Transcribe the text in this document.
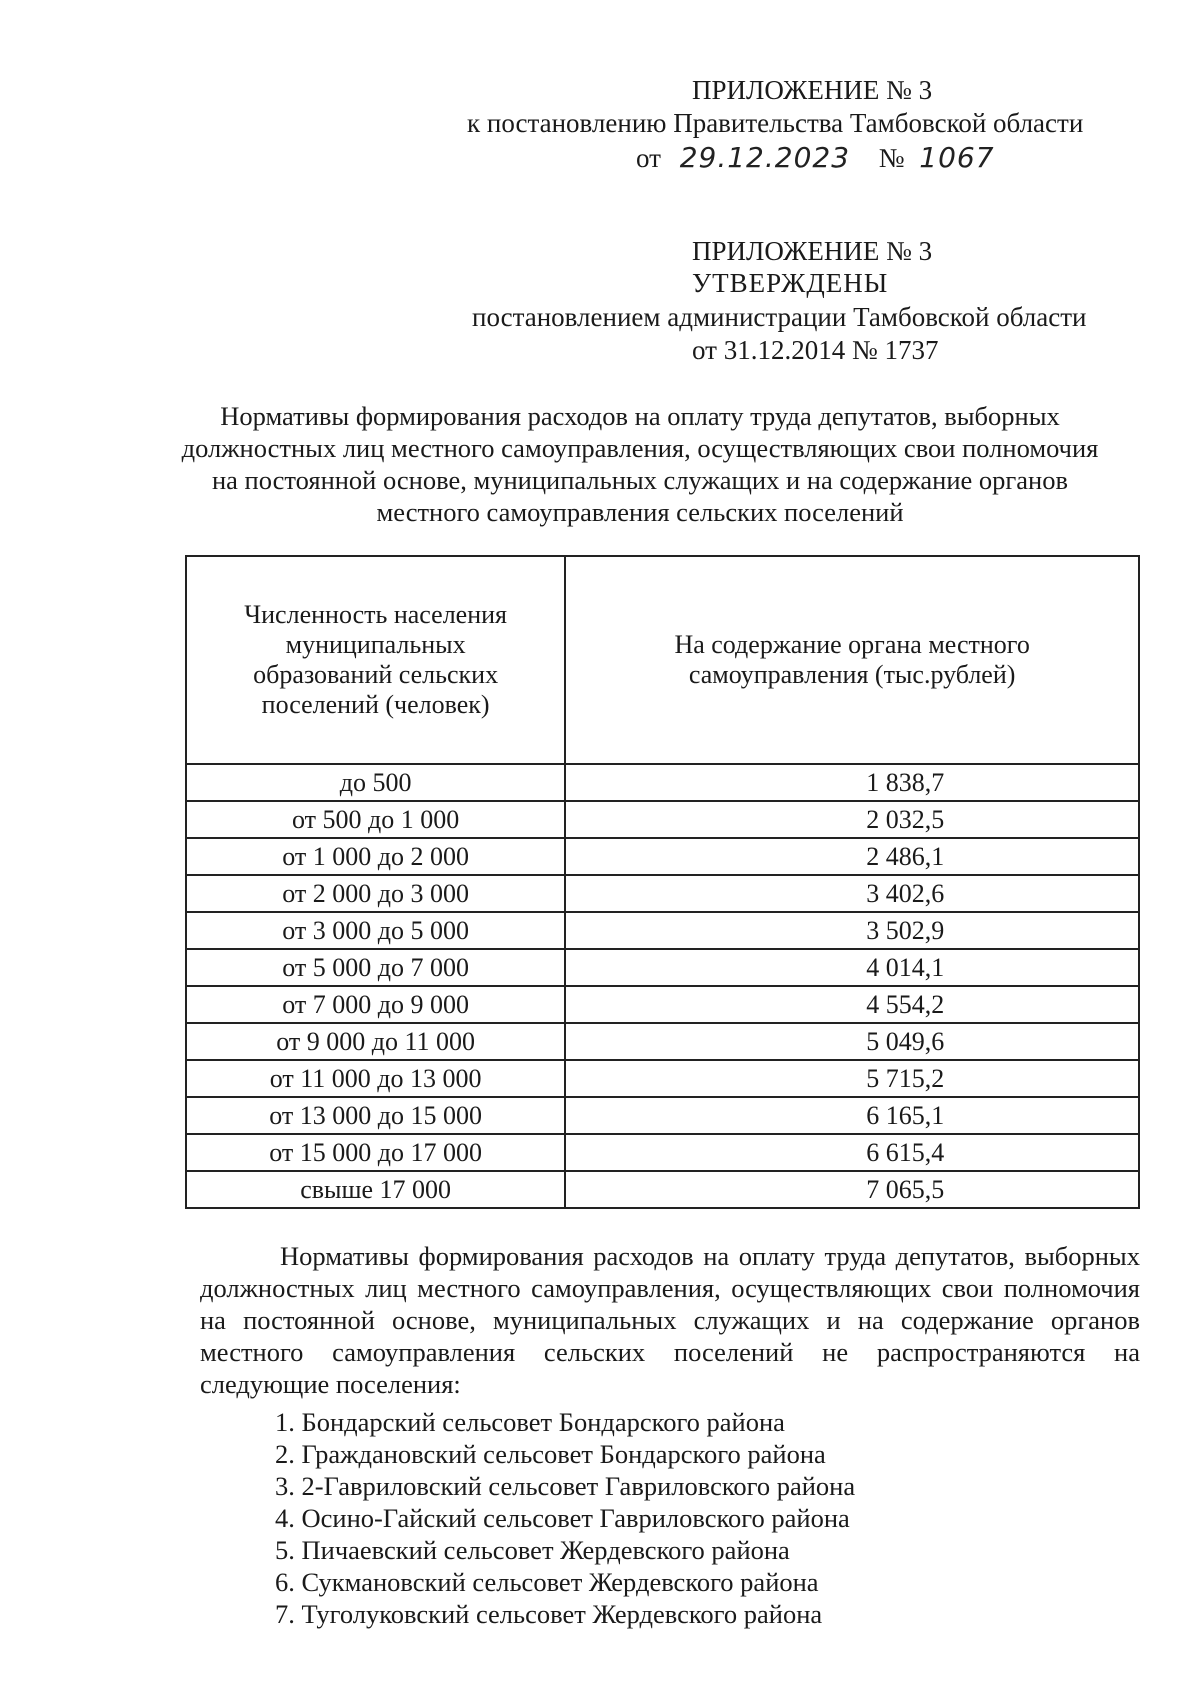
ПРИЛОЖЕНИЕ № 3
к постановлению Правительства Тамбовской области
от 29.12.2023 № 1067
ПРИЛОЖЕНИЕ № 3
УТВЕРЖДЕНЫ
постановлением администрации Тамбовской области
от 31.12.2014 № 1737
Нормативы формирования расходов на оплату труда депутатов, выборных должностных лиц местного самоуправления, осуществляющих свои полномочия на постоянной основе, муниципальных служащих и на содержание органов местного самоуправления сельских поселений
Численность населения муниципальных образований сельских поселений (человек)	На содержание органа местного самоуправления (тыс.рублей)
до 500	1 838,7
от 500 до 1 000	2 032,5
от 1 000 до 2 000	2 486,1
от 2 000 до 3 000	3 402,6
от 3 000 до 5 000	3 502,9
от 5 000 до 7 000	4 014,1
от 7 000 до 9 000	4 554,2
от 9 000 до 11 000	5 049,6
от 11 000 до 13 000	5 715,2
от 13 000 до 15 000	6 165,1
от 15 000 до 17 000	6 615,4
свыше 17 000	7 065,5
Нормативы формирования расходов на оплату труда депутатов, выборных должностных лиц местного самоуправления, осуществляющих свои полномочия на постоянной основе, муниципальных служащих и на содержание органов местного самоуправления сельских поселений не распространяются на следующие поселения:
1. Бондарский сельсовет Бондарского района
2. Граждановский сельсовет Бондарского района
3. 2-Гавриловский сельсовет Гавриловского района
4. Осино-Гайский сельсовет Гавриловского района
5. Пичаевский сельсовет Жердевского района
6. Сукмановский сельсовет Жердевского района
7. Туголуковский сельсовет Жердевского района
